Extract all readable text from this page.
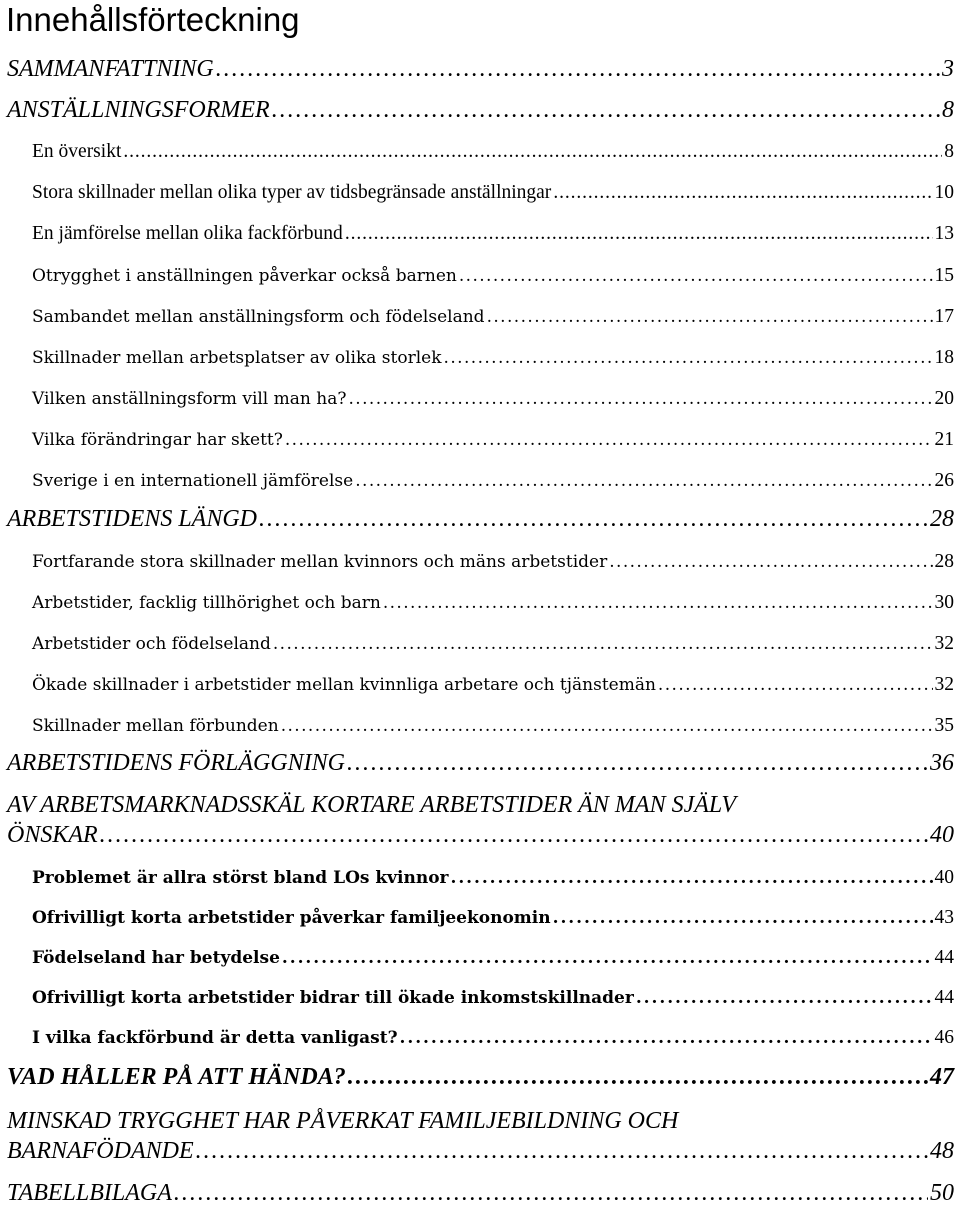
Innehållsförteckning
SAMMANFATTNING . . .	3
ANSTÄLLNINGSFORMER . . .	8
En översikt . . .	8
Stora skillnader mellan olika typer av tidsbegränsade anställningar . . .	10
En jämförelse mellan olika fackförbund . . .	13
Otrygghet i anställningen påverkar också barnen . . .	15
Sambandet mellan anställningsform och födelseland . . .	17
Skillnader mellan arbetsplatser av olika storlek . . .	18
Vilken anställningsform vill man ha? . . .	20
Vilka förändringar har skett? . . .	21
Sverige i en internationell jämförelse . . .	26
ARBETSTIDENS LÄNGD . . .	28
Fortfarande stora skillnader mellan kvinnors och mäns arbetstider . . .	28
Arbetstider, facklig tillhörighet och barn . . .	30
Arbetstider och födelseland . . .	32
Ökade skillnader i arbetstider mellan kvinnliga arbetare och tjänstemän . . .	32
Skillnader mellan förbunden . . .	35
ARBETSTIDENS FÖRLÄGGNING . . .	36
AV ARBETSMARKNADSSKÄL KORTARE ARBETSTIDER ÄN MAN SJÄLV
ÖNSKAR . . .	40
Problemet är allra störst bland LOs kvinnor . . .	40
Ofrivilligt korta arbetstider påverkar familjeekonomin . . .	43
Födelseland har betydelse . . .	44
Ofrivilligt korta arbetstider bidrar till ökade inkomstskillnader . . .	44
I vilka fackförbund är detta vanligast? . . .	46
VAD HÅLLER PÅ ATT HÄNDA? . . .	47
MINSKAD TRYGGHET HAR PÅVERKAT FAMILJEBILDNING OCH
BARNAFÖDANDE . . .	48
TABELLBILAGA . . .	50
